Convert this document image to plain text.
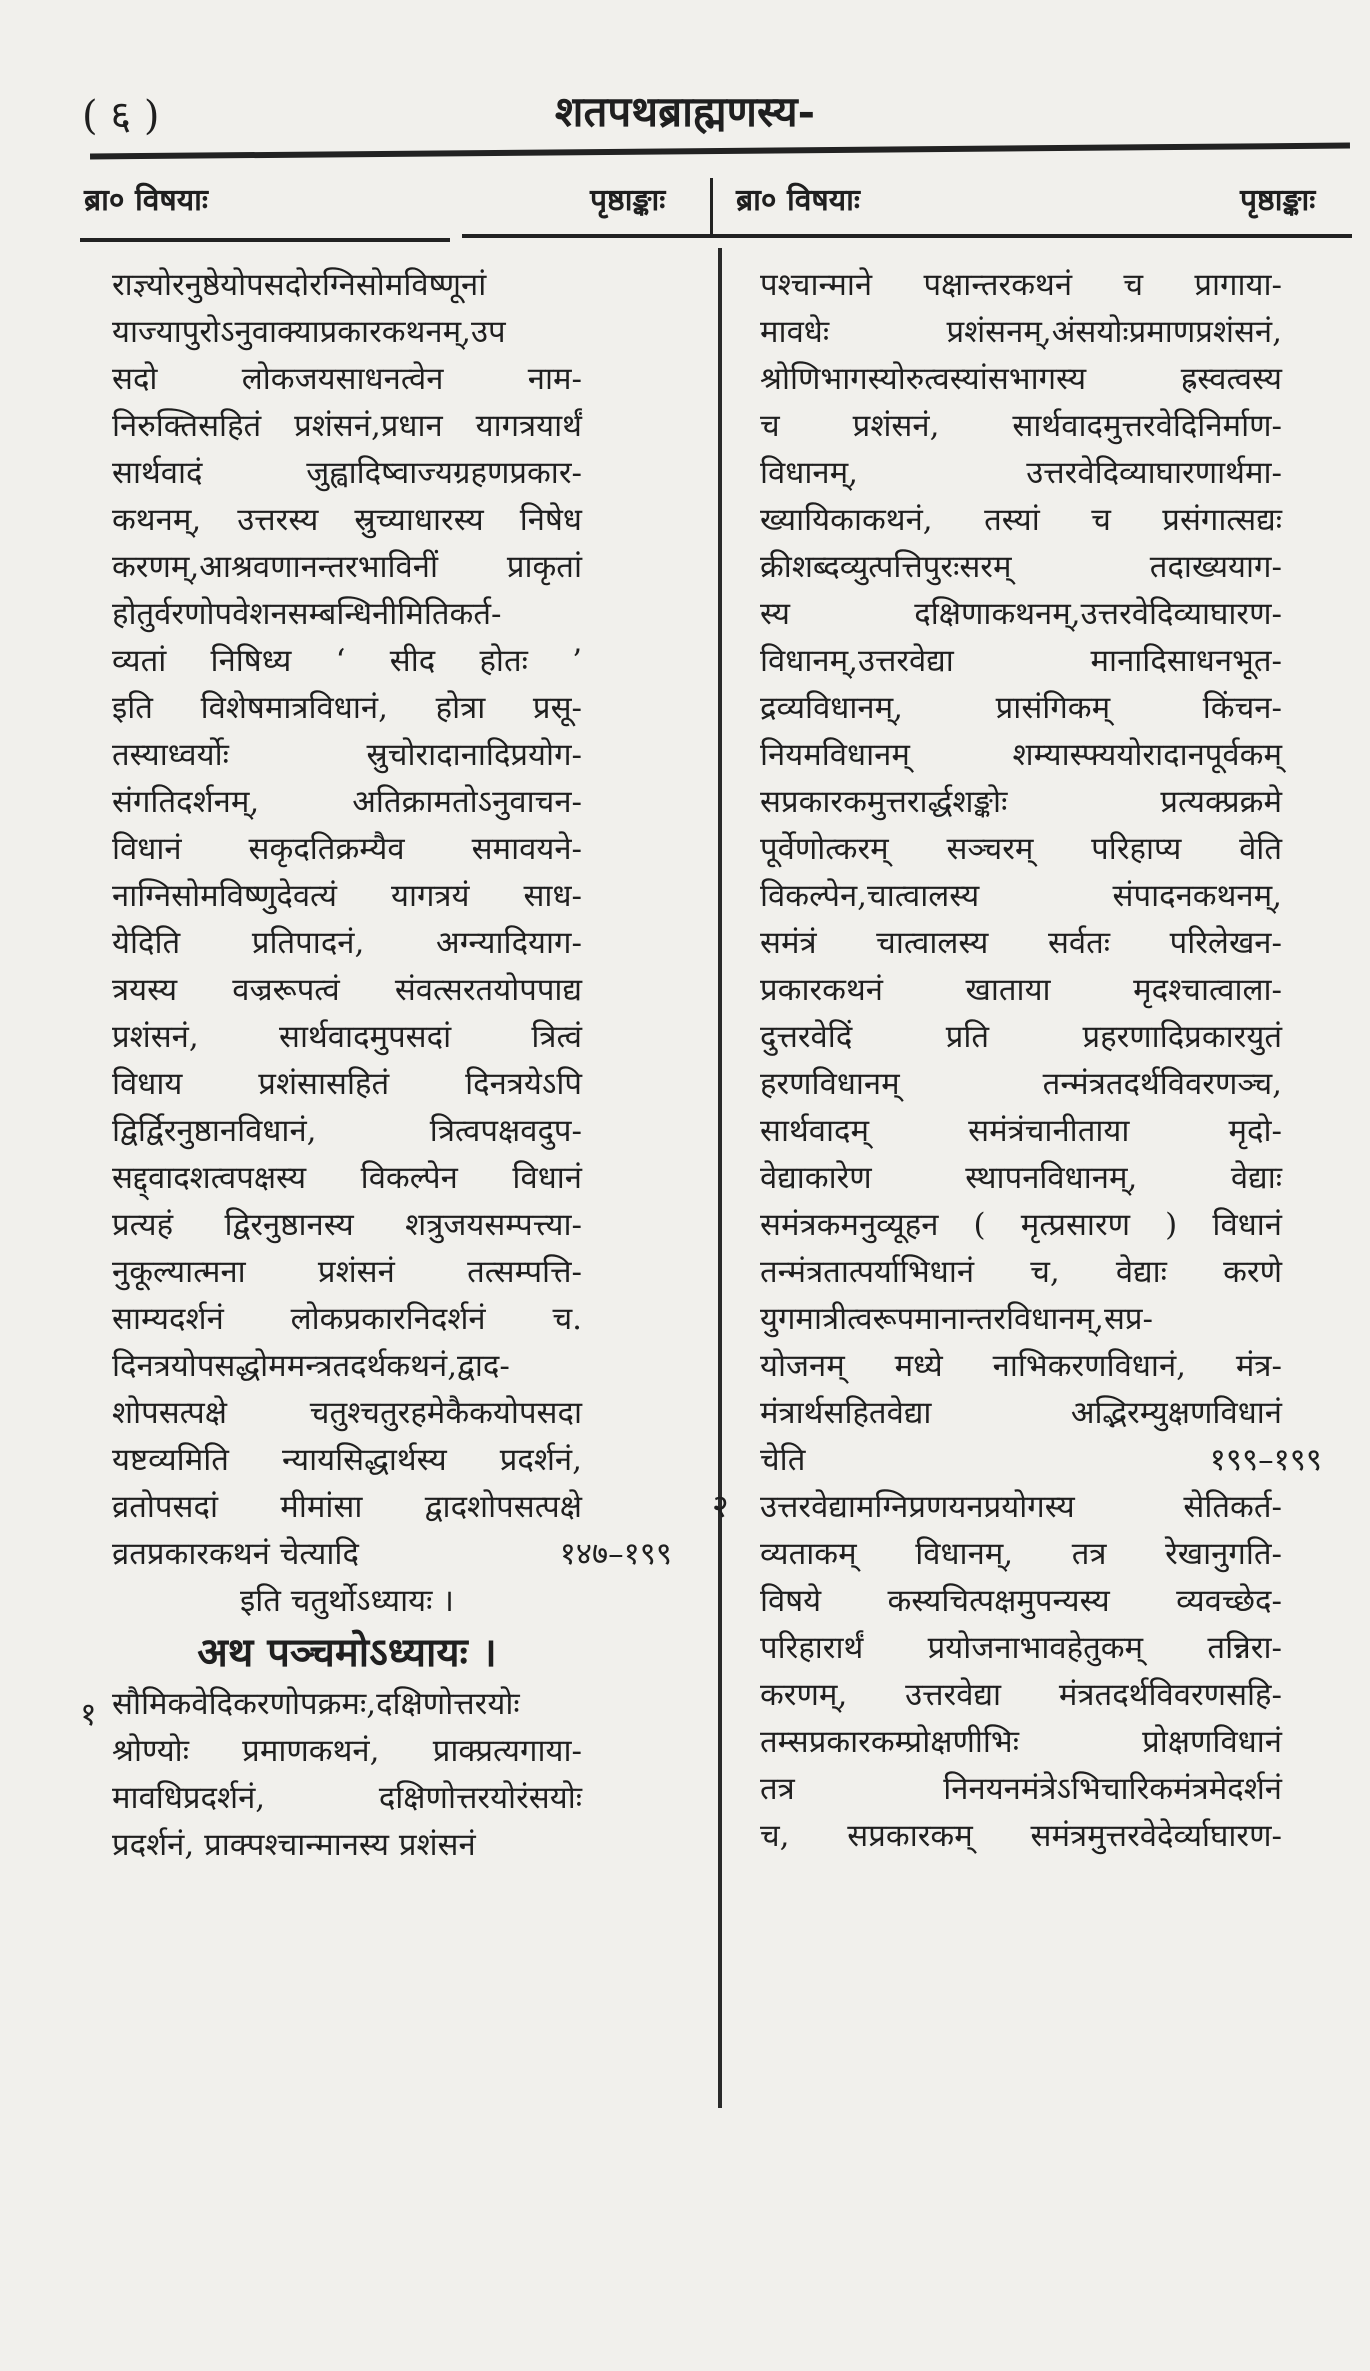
( ६ )	शतपथब्राह्मणस्य-
ब्रा० विषयाः	पृष्ठाङ्काः ब्रा० विषयाः	पृष्ठाङ्काः
राज्ञ्योरनुष्ठेयोपसदोरग्निसोमविष्णूनां
याज्यापुरोऽनुवाक्याप्रकारकथनम्,उप
सदो लोकजयसाधनत्वेन नाम-
निरुक्तिसहितं प्रशंसनं,प्रधान यागत्रयार्थं
सार्थवादं जुह्वादिष्वाज्यग्रहणप्रकार-
कथनम्, उत्तरस्य स्रुच्याधारस्य निषेध
करणम्,आश्रवणानन्तरभाविनीं प्राकृतां
होतुर्वरणोपवेशनसम्बन्धिनीमितिकर्त-
व्यतां निषिध्य ‘ सीद होतः ’
इति विशेषमात्रविधानं, होत्रा प्रसू-
तस्याध्वर्योः स्रुचोरादानादिप्रयोग-
संगतिदर्शनम्, अतिक्रामतोऽनुवाचन-
विधानं सकृदतिक्रम्यैव समावयने-
नाग्निसोमविष्णुदेवत्यं यागत्रयं साध-
येदिति प्रतिपादनं, अग्न्यादियाग-
त्रयस्य वज्ररूपत्वं संवत्सरतयोपपाद्य
प्रशंसनं, सार्थवादमुपसदां त्रित्वं
विधाय प्रशंसासहितं दिनत्रयेऽपि
द्विर्द्विरनुष्ठानविधानं, त्रित्वपक्षवदुप-
सद्द्वादशत्वपक्षस्य विकल्पेन विधानं
प्रत्यहं द्विरनुष्ठानस्य शत्रुजयसम्पत्त्या-
नुकूल्यात्मना प्रशंसनं तत्सम्पत्ति-
साम्यदर्शनं लोकप्रकारनिदर्शनं च.
दिनत्रयोपसद्धोममन्त्रतदर्थकथनं,द्वाद-
शोपसत्पक्षे चतुश्चतुरहमेकैकयोपसदा
यष्टव्यमिति न्यायसिद्धार्थस्य प्रदर्शनं,
व्रतोपसदां मीमांसा द्वादशोपसत्पक्षे
व्रतप्रकारकथनं चेत्यादि	१४७–१९९
इति चतुर्थोऽध्यायः ।
अथ पञ्चमोऽध्यायः ।
१ सौमिकवेदिकरणोपक्रमः,दक्षिणोत्तरयोः
श्रोण्योः प्रमाणकथनं, प्राक्प्रत्यगाया-
मावधिप्रदर्शनं, दक्षिणोत्तरयोरंसयोः
प्रदर्शनं, प्राक्पश्चान्मानस्य प्रशंसनं
पश्चान्माने पक्षान्तरकथनं च प्रागाया-
मावधेः प्रशंसनम्,अंसयोःप्रमाणप्रशंसनं,
श्रोणिभागस्योरुत्वस्यांसभागस्य ह्रस्वत्वस्य
च प्रशंसनं, सार्थवादमुत्तरवेदिनिर्माण-
विधानम्, उत्तरवेदिव्याघारणार्थमा-
ख्यायिकाकथनं, तस्यां च प्रसंगात्सद्यः
क्रीशब्दव्युत्पत्तिपुरःसरम् तदाख्ययाग-
स्य दक्षिणाकथनम्,उत्तरवेदिव्याघारण-
विधानम्,उत्तरवेद्या मानादिसाधनभूत-
द्रव्यविधानम्, प्रासंगिकम् किंचन-
नियमविधानम् शम्यास्फ्ययोरादानपूर्वकम्
सप्रकारकमुत्तरार्द्धशङ्कोः प्रत्यक्प्रक्रमे
पूर्वेणोत्करम् सञ्चरम् परिहाप्य वेति
विकल्पेन,चात्वालस्य संपादनकथनम्,
समंत्रं चात्वालस्य सर्वतः परिलेखन-
प्रकारकथनं खाताया मृदश्चात्वाला-
दुत्तरवेदिं प्रति प्रहरणादिप्रकारयुतं
हरणविधानम् तन्मंत्रतदर्थविवरणञ्च,
सार्थवादम् समंत्रंचानीताया मृदो-
वेद्याकारेण स्थापनविधानम्, वेद्याः
समंत्रकमनुव्यूहन ( मृत्प्रसारण ) विधानं
तन्मंत्रतात्पर्याभिधानं च, वेद्याः करणे
युगमात्रीत्वरूपमानान्तरविधानम्,सप्र-
योजनम् मध्ये नाभिकरणविधानं, मंत्र-
मंत्रार्थसहितवेद्या अद्भिरम्युक्षणविधानं
चेति	१९९–१९९
२ उत्तरवेद्यामग्निप्रणयनप्रयोगस्य सेतिकर्त-
व्यताकम् विधानम्, तत्र रेखानुगति-
विषये कस्यचित्पक्षमुपन्यस्य व्यवच्छेद-
परिहारार्थं प्रयोजनाभावहेतुकम् तन्निरा-
करणम्, उत्तरवेद्या मंत्रतदर्थविवरणसहि-
तम्सप्रकारकम्प्रोक्षणीभिः प्रोक्षणविधानं
तत्र निनयनमंत्रेऽभिचारिकमंत्रमेदर्शनं
च, सप्रकारकम् समंत्रमुत्तरवेदेर्व्याघारण-
